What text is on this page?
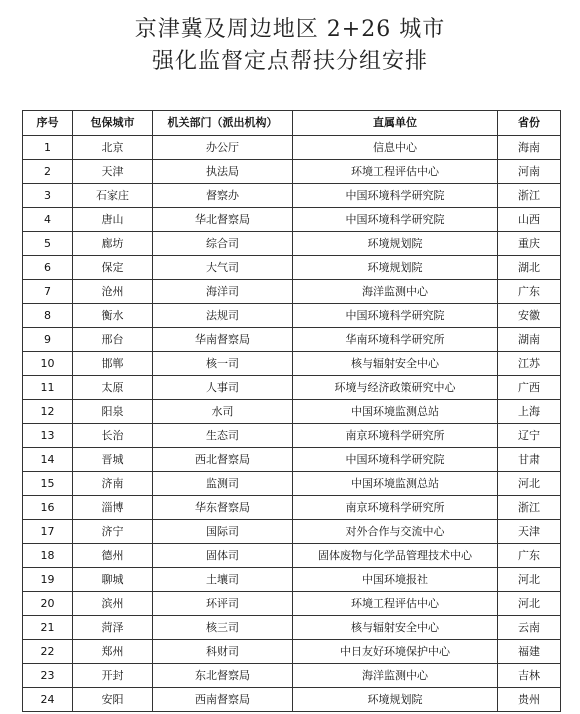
京津冀及周边地区 2+26 城市
强化监督定点帮扶分组安排
序号	包保城市	机关部门（派出机构）	直属单位	省份
1	北京	办公厅	信息中心	海南
2	天津	执法局	环境工程评估中心	河南
3	石家庄	督察办	中国环境科学研究院	浙江
4	唐山	华北督察局	中国环境科学研究院	山西
5	廊坊	综合司	环境规划院	重庆
6	保定	大气司	环境规划院	湖北
7	沧州	海洋司	海洋监测中心	广东
8	衡水	法规司	中国环境科学研究院	安徽
9	邢台	华南督察局	华南环境科学研究所	湖南
10	邯郸	核一司	核与辐射安全中心	江苏
11	太原	人事司	环境与经济政策研究中心	广西
12	阳泉	水司	中国环境监测总站	上海
13	长治	生态司	南京环境科学研究所	辽宁
14	晋城	西北督察局	中国环境科学研究院	甘肃
15	济南	监测司	中国环境监测总站	河北
16	淄博	华东督察局	南京环境科学研究所	浙江
17	济宁	国际司	对外合作与交流中心	天津
18	德州	固体司	固体废物与化学品管理技术中心	广东
19	聊城	土壤司	中国环境报社	河北
20	滨州	环评司	环境工程评估中心	河北
21	菏泽	核三司	核与辐射安全中心	云南
22	郑州	科财司	中日友好环境保护中心	福建
23	开封	东北督察局	海洋监测中心	吉林
24	安阳	西南督察局	环境规划院	贵州
